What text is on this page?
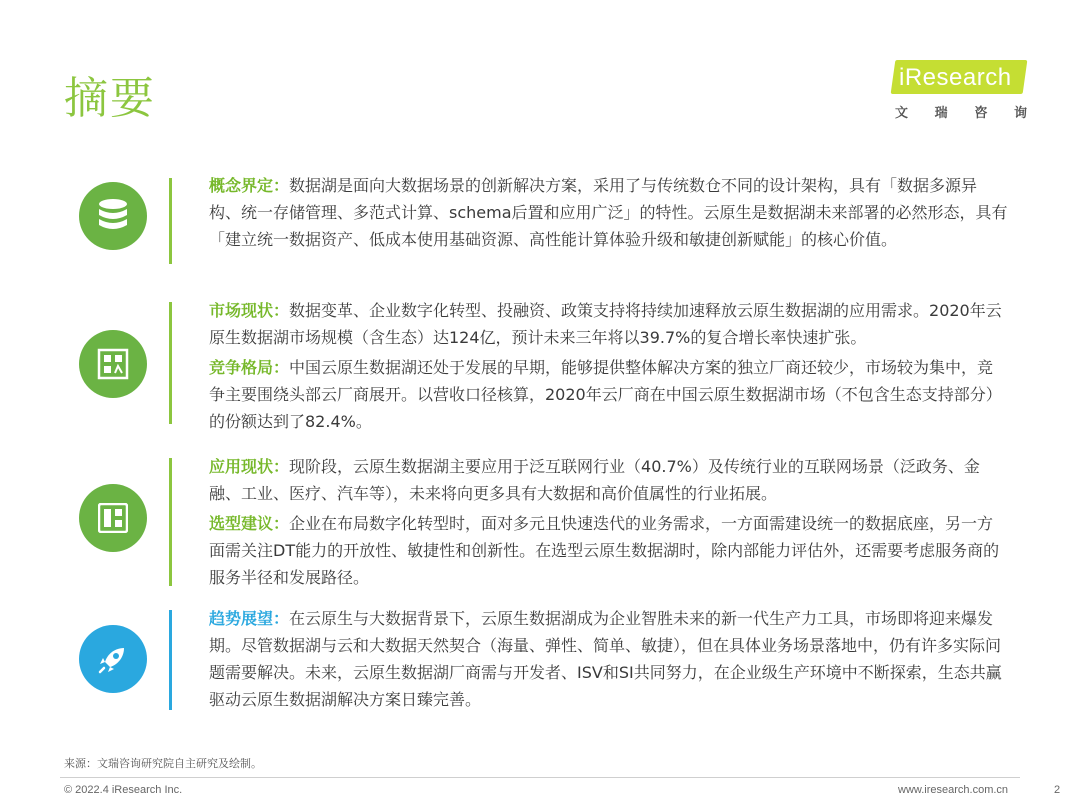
摘要	iResearch
文 瑞 咨 询
概念界定：数据湖是面向大数据场景的创新解决方案，采用了与传统数仓不同的设计架构，具有「数据多源异构、统一存储管理、多范式计算、schema后置和应用广泛」的特性。云原生是数据湖未来部署的必然形态，具有「建立统一数据资产、低成本使用基础资源、高性能计算体验升级和敏捷创新赋能」的核心价值。
市场现状：数据变革、企业数字化转型、投融资、政策支持将持续加速释放云原生数据湖的应用需求。2020年云原生数据湖市场规模（含生态）达124亿，预计未来三年将以39.7%的复合增长率快速扩张。
竞争格局：中国云原生数据湖还处于发展的早期，能够提供整体解决方案的独立厂商还较少，市场较为集中，竞争主要围绕头部云厂商展开。以营收口径核算，2020年云厂商在中国云原生数据湖市场（不包含生态支持部分）的份额达到了82.4%。
应用现状：现阶段，云原生数据湖主要应用于泛互联网行业（40.7%）及传统行业的互联网场景（泛政务、金融、工业、医疗、汽车等），未来将向更多具有大数据和高价值属性的行业拓展。
选型建议：企业在布局数字化转型时，面对多元且快速迭代的业务需求，一方面需建设统一的数据底座，另一方面需关注DT能力的开放性、敏捷性和创新性。在选型云原生数据湖时，除内部能力评估外，还需要考虑服务商的服务半径和发展路径。
趋势展望：在云原生与大数据背景下，云原生数据湖成为企业智胜未来的新一代生产力工具，市场即将迎来爆发期。尽管数据湖与云和大数据天然契合（海量、弹性、简单、敏捷），但在具体业务场景落地中，仍有许多实际问题需要解决。未来，云原生数据湖厂商需与开发者、ISV和SI共同努力，在企业级生产环境中不断探索，生态共赢驱动云原生数据湖解决方案日臻完善。
来源：文瑞咨询研究院自主研究及绘制。
© 2022.4 iResearch Inc.	www.iresearch.com.cn	2
